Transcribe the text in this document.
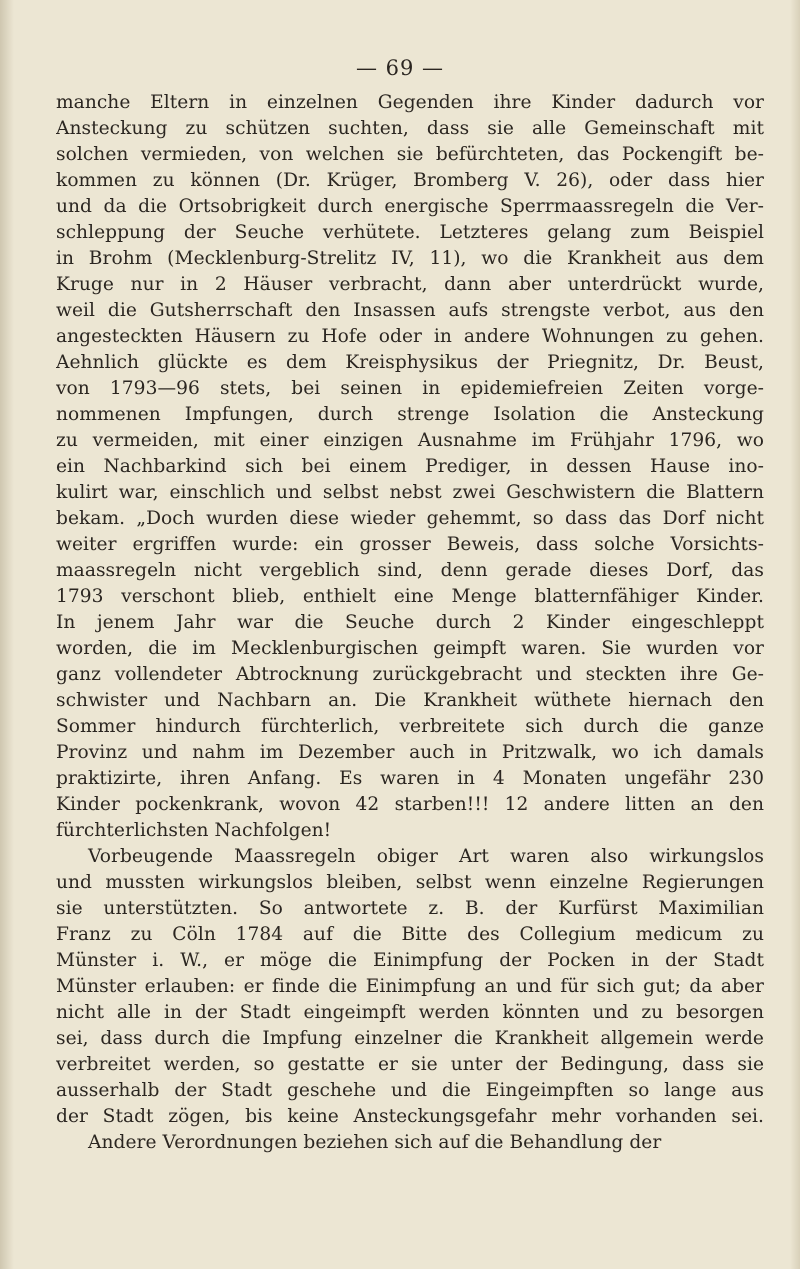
— 69 —
manche Eltern in einzelnen Gegenden ihre Kinder dadurch vor
Ansteckung zu schützen suchten, dass sie alle Gemeinschaft mit
solchen vermieden, von welchen sie befürchteten, das Pockengift be-
kommen zu können (Dr. Krüger, Bromberg V. 26), oder dass hier
und da die Ortsobrigkeit durch energische Sperrmaassregeln die Ver-
schleppung der Seuche verhütete. Letzteres gelang zum Beispiel
in Brohm (Mecklenburg-Strelitz IV, 11), wo die Krankheit aus dem
Kruge nur in 2 Häuser verbracht, dann aber unterdrückt wurde,
weil die Gutsherrschaft den Insassen aufs strengste verbot, aus den
angesteckten Häusern zu Hofe oder in andere Wohnungen zu gehen.
Aehnlich glückte es dem Kreisphysikus der Priegnitz, Dr. Beust,
von 1793—96 stets, bei seinen in epidemiefreien Zeiten vorge-
nommenen Impfungen, durch strenge Isolation die Ansteckung
zu vermeiden, mit einer einzigen Ausnahme im Frühjahr 1796, wo
ein Nachbarkind sich bei einem Prediger, in dessen Hause ino-
kulirt war, einschliсh und selbst nebst zwei Geschwistern die Blattern
bekam. „Doch wurden diese wieder gehemmt, so dass das Dorf nicht
weiter ergriffen wurde: ein grosser Beweis, dass solche Vorsichts-
maassregeln nicht vergeblich sind, denn gerade dieses Dorf, das
1793 verschont blieb, enthielt eine Menge blatternfähiger Kinder.
In jenem Jahr war die Seuche durch 2 Kinder eingeschleppt
worden, die im Mecklenburgischen geimpft waren. Sie wurden vor
ganz vollendeter Abtrocknung zurückgebracht und steckten ihre Ge-
schwister und Nachbarn an. Die Krankheit wüthete hiernach den
Sommer hindurch fürchterlich, verbreitete sich durch die ganze
Provinz und nahm im Dezember auch in Pritzwalk, wo ich damals
praktizirte, ihren Anfang. Es waren in 4 Monaten ungefähr 230
Kinder pockenkrank, wovon 42 starben!!! 12 andere litten an den
fürchterlichsten Nachfolgen!
Vorbeugende Maassregeln obiger Art waren also wirkungslos
und mussten wirkungslos bleiben, selbst wenn einzelne Regierungen
sie unterstützten. So antwortete z. B. der Kurfürst Maximilian
Franz zu Cöln 1784 auf die Bitte des Collegium medicum zu
Münster i. W., er möge die Einimpfung der Pocken in der Stadt
Münster erlauben: er finde die Einimpfung an und für sich gut; da aber
nicht alle in der Stadt eingeimpft werden könnten und zu besorgen
sei, dass durch die Impfung einzelner die Krankheit allgemein werde
verbreitet werden, so gestatte er sie unter der Bedingung, dass sie
ausserhalb der Stadt geschehe und die Eingeimpften so lange aus
der Stadt zögen, bis keine Ansteckungsgefahr mehr vorhanden sei.
Andere Verordnungen beziehen sich auf die Behandlung der
